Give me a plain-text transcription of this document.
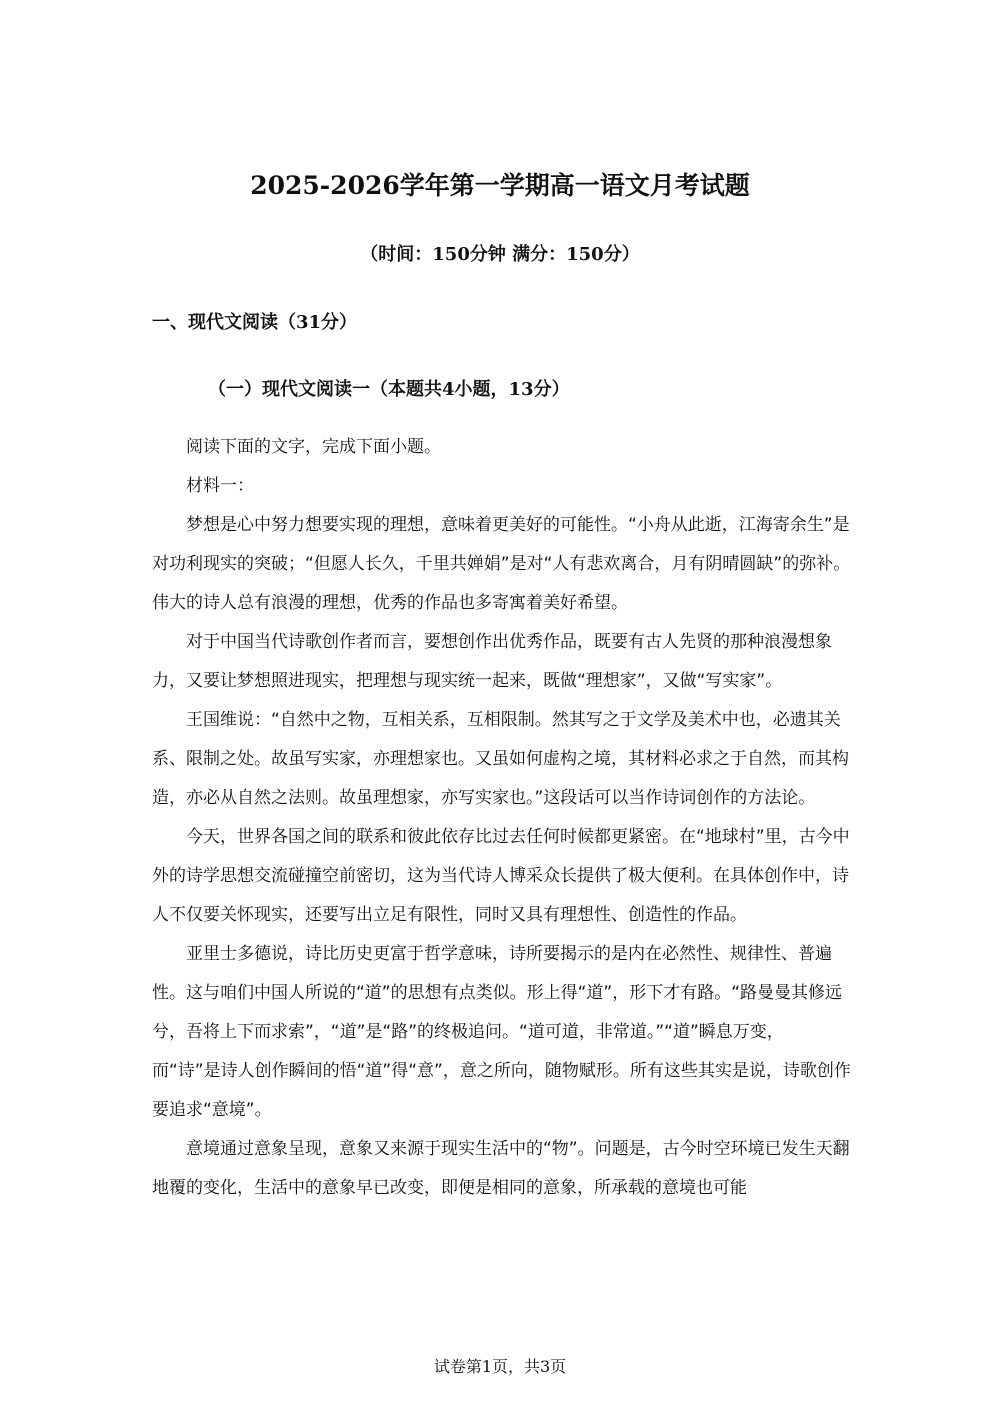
2025-2026学年第一学期高一语文月考试题
（时间：150分钟 满分：150分）
一、现代文阅读（31分）
（一）现代文阅读一（本题共4小题，13分）

阅读下面的文字，完成下面小题。

材料一：

梦想是心中努力想要实现的理想，意味着更美好的可能性。“小舟从此逝，江海寄余生”是对功利现实的突破；“但愿人长久，千里共婵娟”是对“人有悲欢离合，月有阴晴圆缺”的弥补。伟大的诗人总有浪漫的理想，优秀的作品也多寄寓着美好希望。

对于中国当代诗歌创作者而言，要想创作出优秀作品，既要有古人先贤的那种浪漫想象力，又要让梦想照进现实，把理想与现实统一起来，既做“理想家”，又做“写实家”。

王国维说：“自然中之物，互相关系，互相限制。然其写之于文学及美术中也，必遗其关系、限制之处。故虽写实家，亦理想家也。又虽如何虚构之境，其材料必求之于自然，而其构造，亦必从自然之法则。故虽理想家，亦写实家也。”这段话可以当作诗词创作的方法论。

今天，世界各国之间的联系和彼此依存比过去任何时候都更紧密。在“地球村”里，古今中外的诗学思想交流碰撞空前密切，这为当代诗人博采众长提供了极大便利。在具体创作中，诗人不仅要关怀现实，还要写出立足有限性，同时又具有理想性、创造性的作品。

亚里士多德说，诗比历史更富于哲学意味，诗所要揭示的是内在必然性、规律性、普遍性。这与咱们中国人所说的“道”的思想有点类似。形上得“道”，形下才有路。“路曼曼其修远兮，吾将上下而求索”，“道”是“路”的终极追问。“道可道，非常道。”“道”瞬息万变，而“诗”是诗人创作瞬间的悟“道”得“意”，意之所向，随物赋形。所有这些其实是说，诗歌创作要追求“意境”。

意境通过意象呈现，意象又来源于现实生活中的“物”。问题是，古今时空环境已发生天翻地覆的变化，生活中的意象早已改变，即便是相同的意象，所承载的意境也可能

试卷第1页，共3页
